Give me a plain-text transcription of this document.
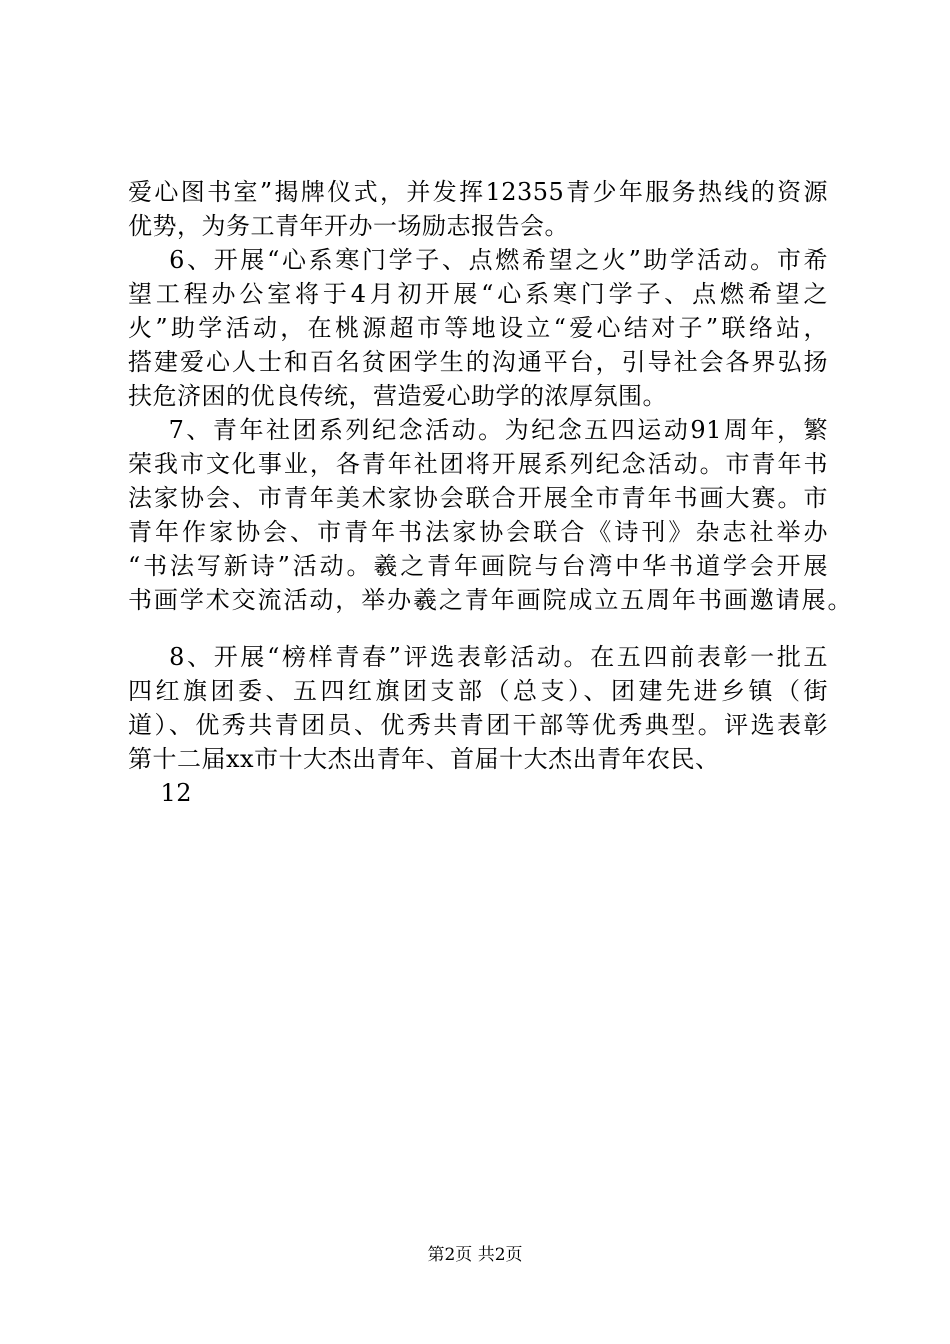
爱心图书室”揭牌仪式，并发挥12355青少年服务热线的资源
优势，为务工青年开办一场励志报告会。
6、开展“心系寒门学子、点燃希望之火”助学活动。市希
望工程办公室将于4月初开展“心系寒门学子、点燃希望之
火”助学活动，在桃源超市等地设立“爱心结对子”联络站，
搭建爱心人士和百名贫困学生的沟通平台，引导社会各界弘扬
扶危济困的优良传统，营造爱心助学的浓厚氛围。
7、青年社团系列纪念活动。为纪念五四运动91周年，繁
荣我市文化事业，各青年社团将开展系列纪念活动。市青年书
法家协会、市青年美术家协会联合开展全市青年书画大赛。市
青年作家协会、市青年书法家协会联合《诗刊》杂志社举办
“书法写新诗”活动。羲之青年画院与台湾中华书道学会开展
书画学术交流活动，举办羲之青年画院成立五周年书画邀请展。
8、开展“榜样青春”评选表彰活动。在五四前表彰一批五
四红旗团委、五四红旗团支部（总支）、团建先进乡镇（街
道）、优秀共青团员、优秀共青团干部等优秀典型。评选表彰
第十二届xx市十大杰出青年、首届十大杰出青年农民、
12
第2页 共2页
